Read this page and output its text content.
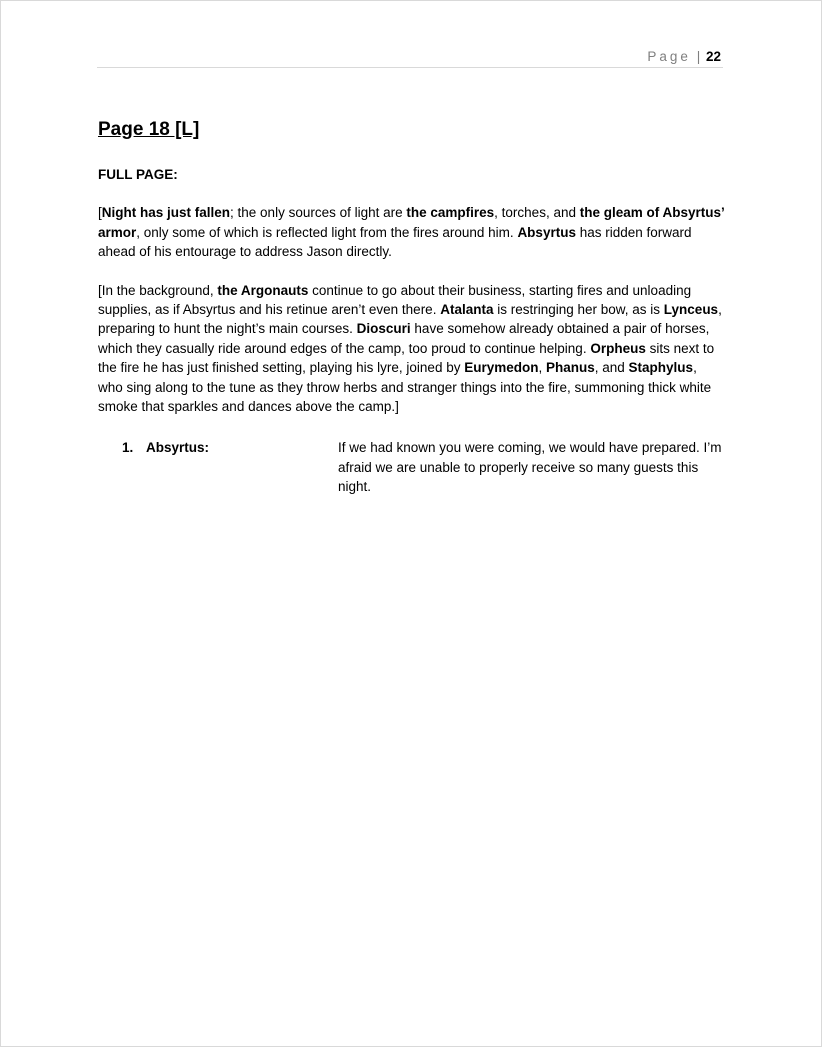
Page | 22
Page 18 [L]
FULL PAGE:

[Night has just fallen; the only sources of light are the campfires, torches, and the gleam of Absyrtus’ armor, only some of which is reflected light from the fires around him. Absyrtus has ridden forward ahead of his entourage to address Jason directly.

[In the background, the Argonauts continue to go about their business, starting fires and unloading supplies, as if Absyrtus and his retinue aren’t even there. Atalanta is restringing her bow, as is Lynceus, preparing to hunt the night’s main courses. Dioscuri have somehow already obtained a pair of horses, which they casually ride around edges of the camp, too proud to continue helping. Orpheus sits next to the fire he has just finished setting, playing his lyre, joined by Eurymedon, Phanus, and Staphylus, who sing along to the tune as they throw herbs and stranger things into the fire, summoning thick white smoke that sparkles and dances above the camp.]

1. Absyrtus:	If we had known you were coming, we would have prepared. I’m afraid we are unable to properly receive so many guests this night.
